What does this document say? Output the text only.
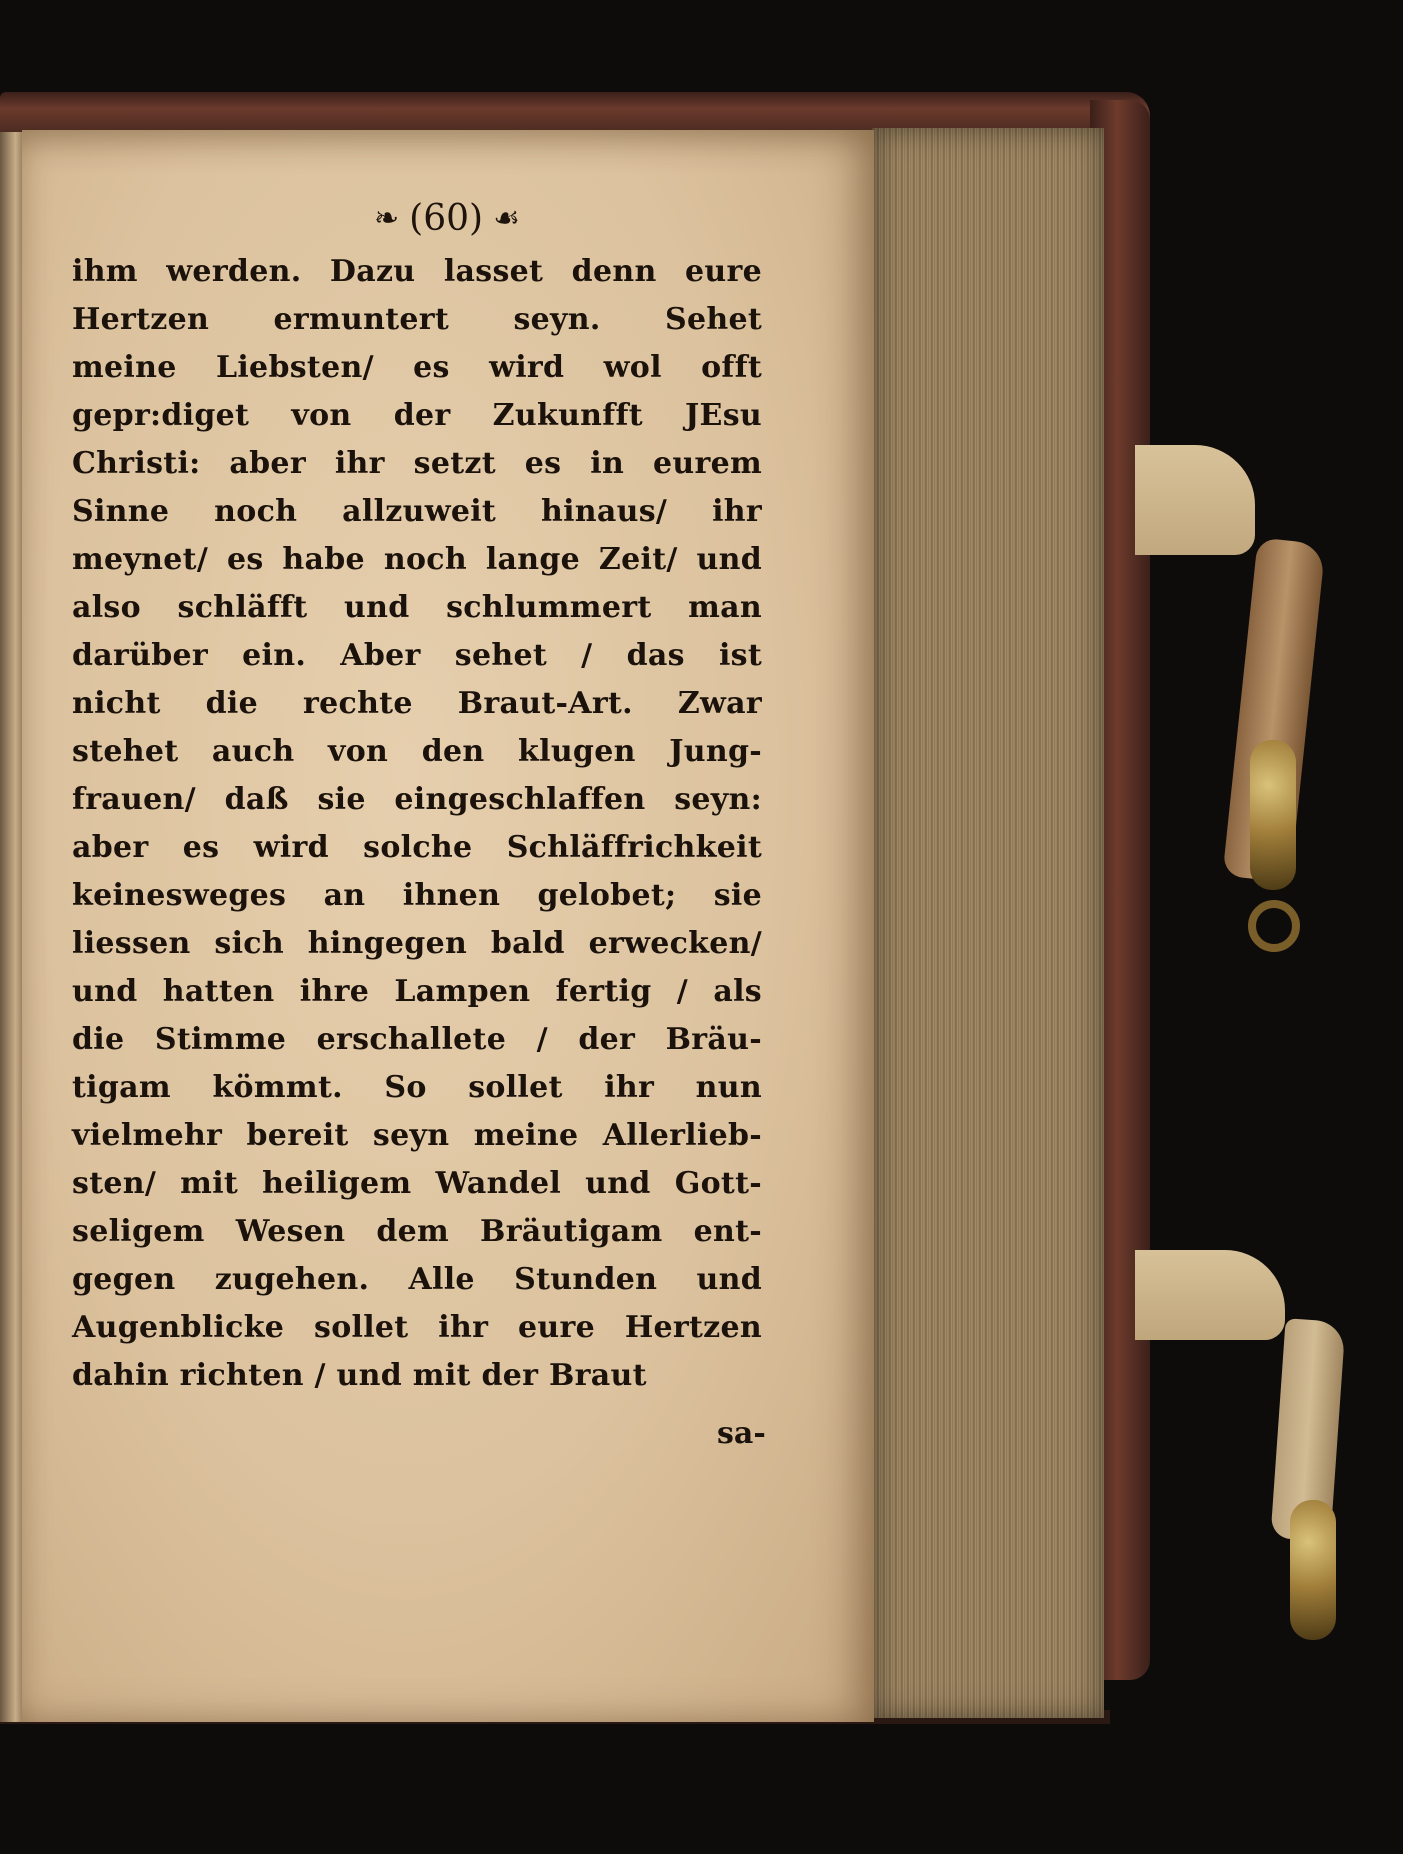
❧ (60) ☙
ihm werden. Dazu lasset denn eure
Hertzen ermuntert seyn. Sehet
meine Liebsten/ es wird wol offt
gepr:diget von der Zukunfft JEsu
Christi: aber ihr setzt es in eurem
Sinne noch allzuweit hinaus/ ihr
meynet/ es habe noch lange Zeit/ und
also schläfft und schlummert man
darüber ein. Aber sehet / das ist
nicht die rechte Braut-Art. Zwar
stehet auch von den klugen Jung-
frauen/ daß sie eingeschlaffen seyn:
aber es wird solche Schläffrichkeit
keinesweges an ihnen gelobet; sie
liessen sich hingegen bald erwecken/
und hatten ihre Lampen fertig / als
die Stimme erschallete / der Bräu-
tigam kömmt. So sollet ihr nun
vielmehr bereit seyn meine Allerlieb-
sten/ mit heiligem Wandel und Gott-
seligem Wesen dem Bräutigam ent-
gegen zugehen. Alle Stunden und
Augenblicke sollet ihr eure Hertzen
dahin richten / und mit der Braut
sa-
